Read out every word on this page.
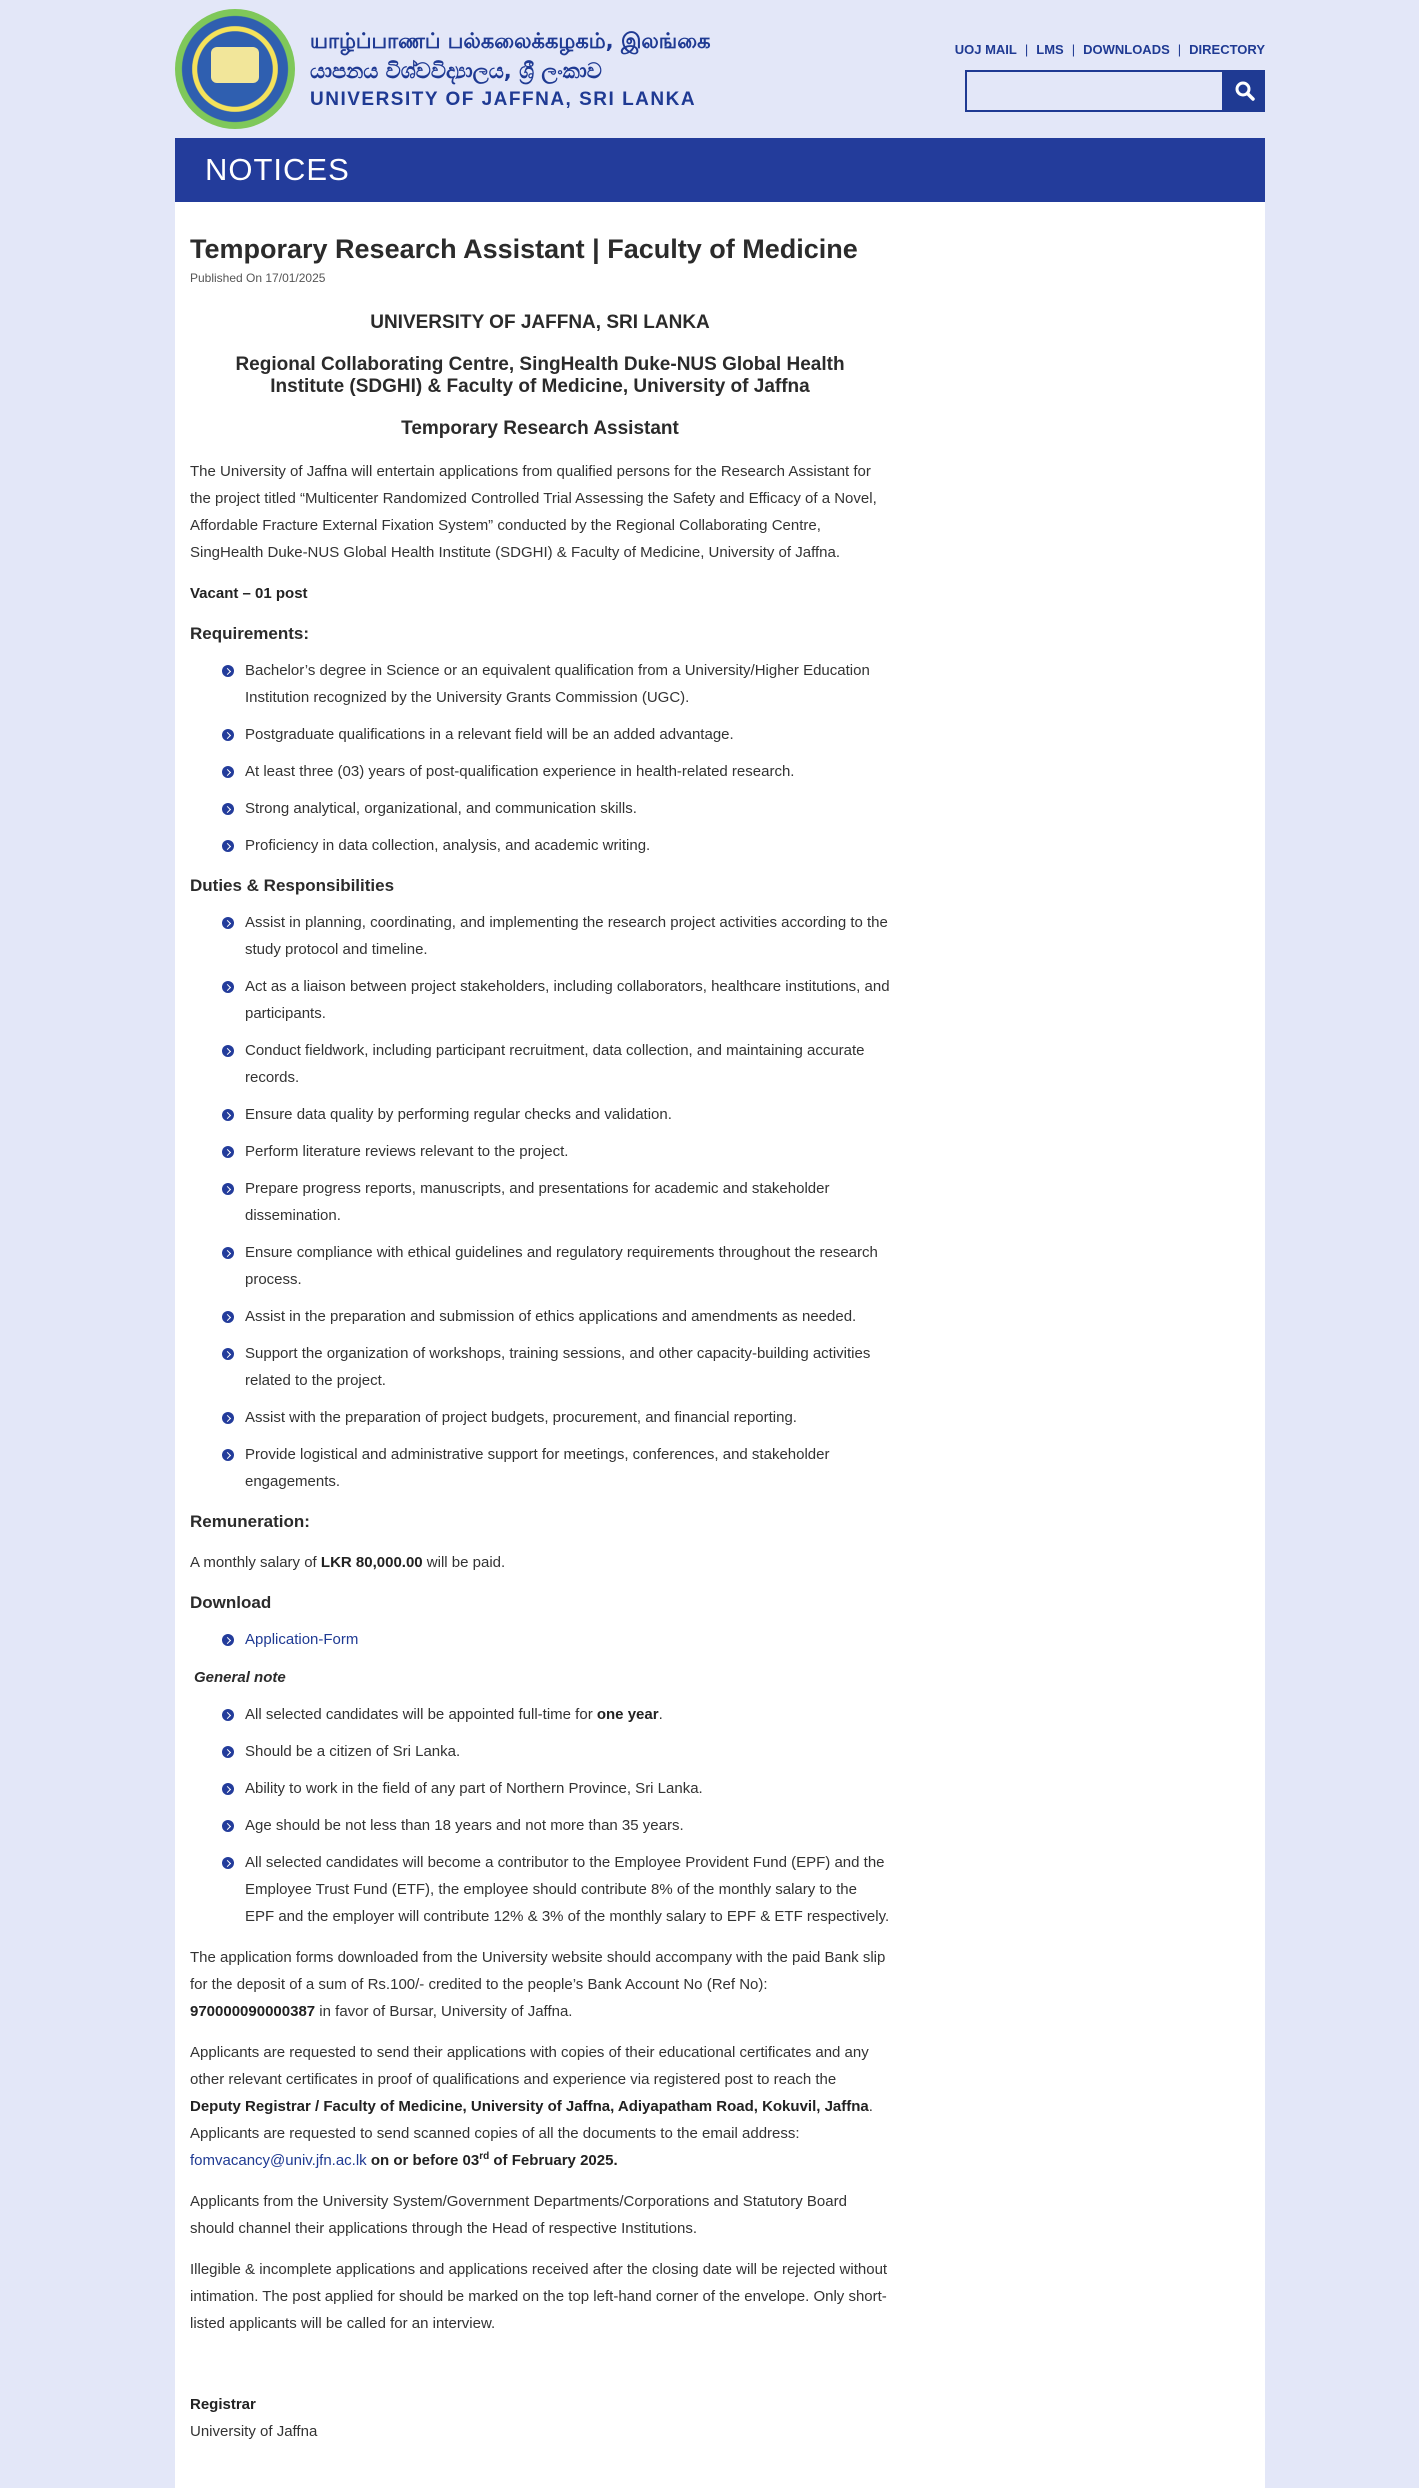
யாழ்ப்பாணப் பல்கலைக்கழகம், இலங்கை
යාපනය විශ්වවිද්‍යාලය, ශ්‍රී ලංකාව
UNIVERSITY OF JAFFNA, SRI LANKA
UOJ MAIL | LMS | DOWNLOADS | DIRECTORY
NOTICES
Temporary Research Assistant | Faculty of Medicine
Published On 17/01/2025
UNIVERSITY OF JAFFNA, SRI LANKA
Regional Collaborating Centre, SingHealth Duke-NUS Global Health Institute (SDGHI) & Faculty of Medicine, University of Jaffna
Temporary Research Assistant

The University of Jaffna will entertain applications from qualified persons for the Research Assistant for the project titled “Multicenter Randomized Controlled Trial Assessing the Safety and Efficacy of a Novel, Affordable Fracture External Fixation System” conducted by the Regional Collaborating Centre, SingHealth Duke-NUS Global Health Institute (SDGHI) & Faculty of Medicine, University of Jaffna.

Vacant – 01 post

Requirements:
Bachelor’s degree in Science or an equivalent qualification from a University/Higher Education Institution recognized by the University Grants Commission (UGC).
Postgraduate qualifications in a relevant field will be an added advantage.
At least three (03) years of post-qualification experience in health-related research.
Strong analytical, organizational, and communication skills.
Proficiency in data collection, analysis, and academic writing.
Duties & Responsibilities
Assist in planning, coordinating, and implementing the research project activities according to the study protocol and timeline.
Act as a liaison between project stakeholders, including collaborators, healthcare institutions, and participants.
Conduct fieldwork, including participant recruitment, data collection, and maintaining accurate records.
Ensure data quality by performing regular checks and validation.
Perform literature reviews relevant to the project.
Prepare progress reports, manuscripts, and presentations for academic and stakeholder dissemination.
Ensure compliance with ethical guidelines and regulatory requirements throughout the research process.
Assist in the preparation and submission of ethics applications and amendments as needed.
Support the organization of workshops, training sessions, and other capacity-building activities related to the project.
Assist with the preparation of project budgets, procurement, and financial reporting.
Provide logistical and administrative support for meetings, conferences, and stakeholder engagements.
Remuneration:

A monthly salary of LKR 80,000.00 will be paid.

Download
Application-Form
General note
All selected candidates will be appointed full-time for one year.
Should be a citizen of Sri Lanka.
Ability to work in the field of any part of Northern Province, Sri Lanka.
Age should be not less than 18 years and not more than 35 years.
All selected candidates will become a contributor to the Employee Provident Fund (EPF) and the Employee Trust Fund (ETF), the employee should contribute 8% of the monthly salary to the EPF and the employer will contribute 12% & 3% of the monthly salary to EPF & ETF respectively.

The application forms downloaded from the University website should accompany with the paid Bank slip for the deposit of a sum of Rs.100/- credited to the people’s Bank Account No (Ref No):
970000090000387 in favor of Bursar, University of Jaffna.

Applicants are requested to send their applications with copies of their educational certificates and any other relevant certificates in proof of qualifications and experience via registered post to reach the Deputy Registrar / Faculty of Medicine, University of Jaffna, Adiyapatham Road, Kokuvil, Jaffna. Applicants are requested to send scanned copies of all the documents to the email address: fomvacancy@univ.jfn.ac.lk on or before 03rd of February 2025.

Applicants from the University System/Government Departments/Corporations and Statutory Board should channel their applications through the Head of respective Institutions.

Illegible & incomplete applications and applications received after the closing date will be rejected without intimation. The post applied for should be marked on the top left-hand corner of the envelope. Only short-listed applicants will be called for an interview.

Registrar
University of Jaffna
